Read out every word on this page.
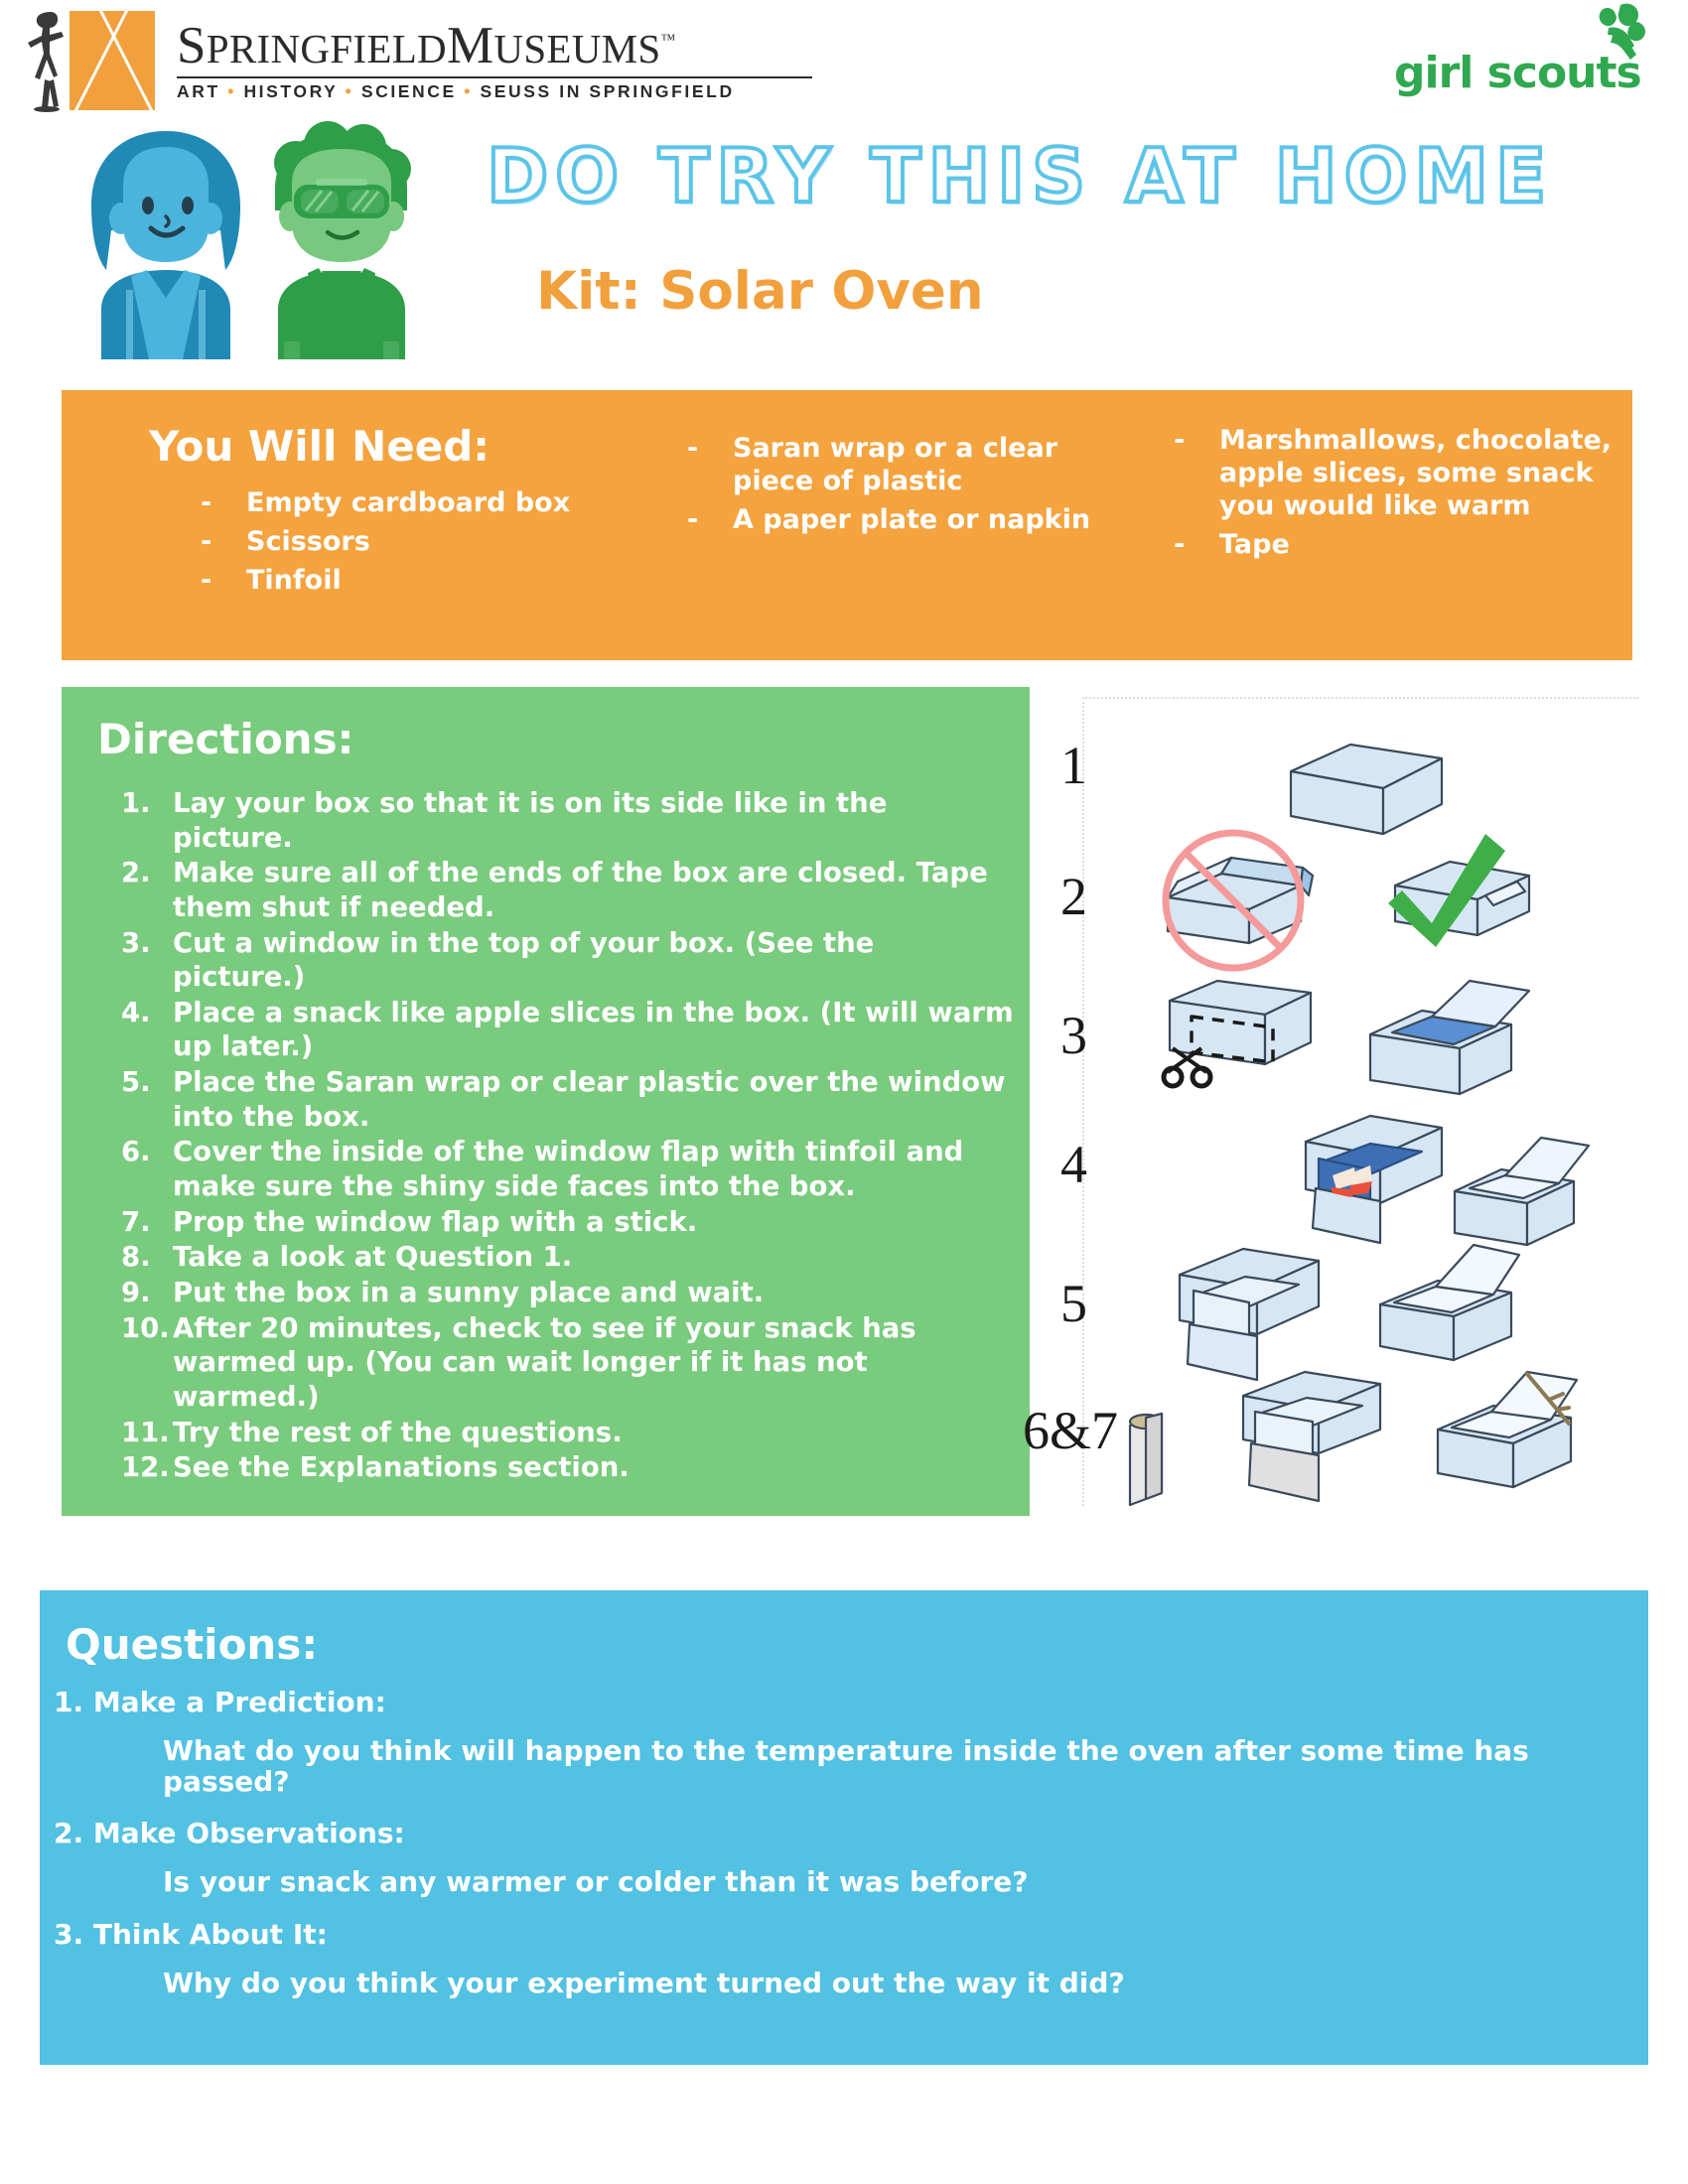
SPRINGFIELDMUSEUMS™
ART • HISTORY • SCIENCE • SEUSS IN SPRINGFIELD	girl scouts
DO TRY THIS AT HOME
Kit: Solar Oven
You Will Need:
-	Empty cardboard box
-	Scissors
-	Tinfoil
-	Saran wrap or a clear piece of plastic
-	A paper plate or napkin
-	Marshmallows, chocolate, apple slices, some snack you would like warm
-	Tape
Directions:
1. Lay your box so that it is on its side like in the picture.
2. Make sure all of the ends of the box are closed. Tape them shut if needed.
3. Cut a window in the top of your box. (See the picture.)
4. Place a snack like apple slices in the box. (It will warm up later.)
5. Place the Saran wrap or clear plastic over the window into the box.
6. Cover the inside of the window flap with tinfoil and make sure the shiny side faces into the box.
7. Prop the window flap with a stick.
8. Take a look at Question 1.
9. Put the box in a sunny place and wait.
10. After 20 minutes, check to see if your snack has warmed up. (You can wait longer if it has not warmed.)
11. Try the rest of the questions.
12. See the Explanations section.
1
2
3
4
5
6&7
Questions:
1. Make a Prediction:
What do you think will happen to the temperature inside the oven after some time has passed?
2. Make Observations:
Is your snack any warmer or colder than it was before?
3. Think About It:
Why do you think your experiment turned out the way it did?
